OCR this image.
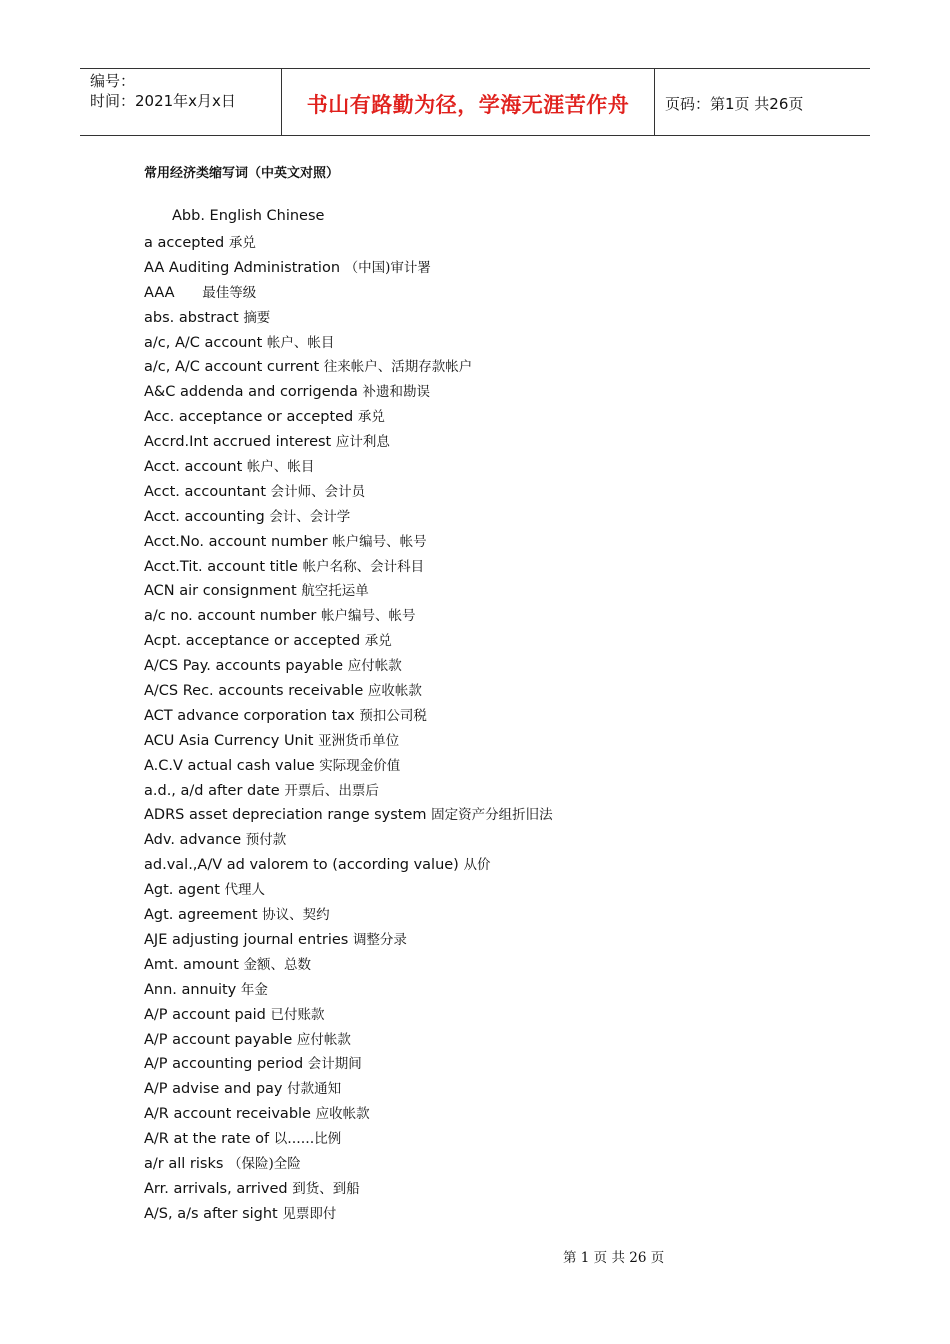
编号：
时间：2021年x月x日	书山有路勤为径，学海无涯苦作舟 页码：第1页 共26页
常用经济类缩写词（中英文对照）
Abb. English Chinese
a accepted 承兑
AA Auditing Administration （中国)审计署
AAA 最佳等级
abs. abstract 摘要
a/c, A/C account 帐户、帐目
a/c, A/C account current 往来帐户、活期存款帐户
A&C addenda and corrigenda 补遗和勘误
Acc. acceptance or accepted 承兑
Accrd.Int accrued interest 应计利息
Acct. account 帐户、帐目
Acct. accountant 会计师、会计员
Acct. accounting 会计、会计学
Acct.No. account number 帐户编号、帐号
Acct.Tit. account title 帐户名称、会计科目
ACN air consignment 航空托运单
a/c no. account number 帐户编号、帐号
Acpt. acceptance or accepted 承兑
A/CS Pay. accounts payable 应付帐款
A/CS Rec. accounts receivable 应收帐款
ACT advance corporation tax 预扣公司税
ACU Asia Currency Unit 亚洲货币单位
A.C.V actual cash value 实际现金价值
a.d., a/d after date 开票后、出票后
ADRS asset depreciation range system 固定资产分组折旧法
Adv. advance 预付款
ad.val.,A/V ad valorem to (according value) 从价
Agt. agent 代理人
Agt. agreement 协议、契约
AJE adjusting journal entries 调整分录
Amt. amount 金额、总数
Ann. annuity 年金
A/P account paid 已付账款
A/P account payable 应付帐款
A/P accounting period 会计期间
A/P advise and pay 付款通知
A/R account receivable 应收帐款
A/R at the rate of 以……比例
a/r all risks （保险)全险
Arr. arrivals, arrived 到货、到船
A/S, a/s after sight 见票即付
第 1 页 共 26 页
